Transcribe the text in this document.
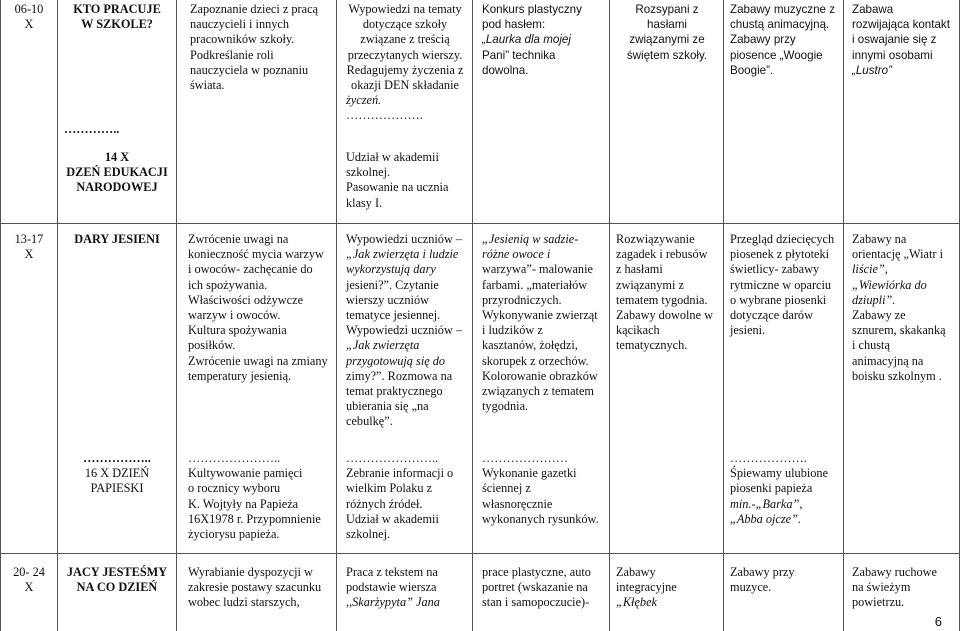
06-10
X
KTO PRACUJE
W SZKOLE?
…………..
Zapoznanie dzieci z pracą
nauczycieli i innych
pracowników szkoły.
Podkreślanie roli
nauczyciela w poznaniu
świata.
Wypowiedzi na tematy
dotyczące szkoły
związane z treścią
przeczytanych wierszy.
Redagujemy życzenia z
okazji DEN składanie
życzeń.
……………….
Konkurs plastyczny
pod hasłem:
„Laurka dla mojej
Pani” technika
dowolna.
Rozsypani z
hasłami
związanymi ze
świętem szkoły.
Zabawy muzyczne z
chustą animacyjną.
Zabawy przy
piosence „Woogie
Boogie”.
Zabawa
rozwijająca kontakt
i oswajanie się z
innymi osobami
„Lustro”
14 X
DZEŃ EDUKACJI
NARODOWEJ
Udział w akademii
szkolnej.
Pasowanie na ucznia
klasy I.
13-17
X
DARY JESIENI	Zwrócenie uwagi na
konieczność mycia warzyw
i owoców- zachęcanie do
ich spożywania.
Właściwości odżywcze
warzyw i owoców.
Kultura spożywania
posiłków.
Zwrócenie uwagi na zmiany
temperatury jesienią.
Wypowiedzi uczniów –
„Jak zwierzęta i ludzie
wykorzystują dary
jesieni?”. Czytanie
wierszy uczniów
tematyce jesiennej.
Wypowiedzi uczniów –
„Jak zwierzęta
przygotowują się do
zimy?”. Rozmowa na
temat praktycznego
ubierania się „na
cebulkę”.
„Jesienią w sadzie-
różne owoce i
warzywa”- malowanie
farbami. „materiałów
przyrodniczych.
Wykonywanie zwierząt
i ludzików z
kasztanów, żołędzi,
skorupek z orzechów.
Kolorowanie obrazków
związanych z tematem
tygodnia.
Rozwiązywanie
zagadek i rebusów
z hasłami
związanymi z
tematem tygodnia.
Zabawy dowolne w
kącikach
tematycznych.
Przegląd dziecięcych
piosenek z płytoteki
świetlicy- zabawy
rytmiczne w oparciu
o wybrane piosenki
dotyczące darów
jesieni.
Zabawy na
orientację „Wiatr i
liście”,
„Wiewiórka do
dziupli”.
Zabawy ze
sznurem, skakanką
i chustą
animacyjną na
boisku szkolnym .
……………..
16 X DZIEŃ
PAPIESKI
…………………..
Kultywowanie pamięci
o rocznicy wyboru
K. Wojtyły na Papieża
16X1978 r. Przypomnienie
życiorysu papieża.
…………………..
Zebranie informacji o
wielkim Polaku z
różnych źródeł.
Udział w akademii
szkolnej.
…………………
Wykonanie gazetki
ściennej z
własnoręcznie
wykonanych rysunków.
……………….
Śpiewamy ulubione
piosenki papieża
min.-„Barka”,
„Abba ojcze”.
20- 24
X
JACY JESTEŚMY
NA CO DZIEŃ
Wyrabianie dyspozycji w
zakresie postawy szacunku
wobec ludzi starszych,
Praca z tekstem na
podstawie wiersza
,,Skarżypyta” Jana
prace plastyczne, auto
portret (wskazanie na
stan i samopoczucie)-
Zabawy
integracyjne
„Kłębek
Zabawy przy
muzyce.
Zabawy ruchowe
na świeżym
powietrzu.
6
